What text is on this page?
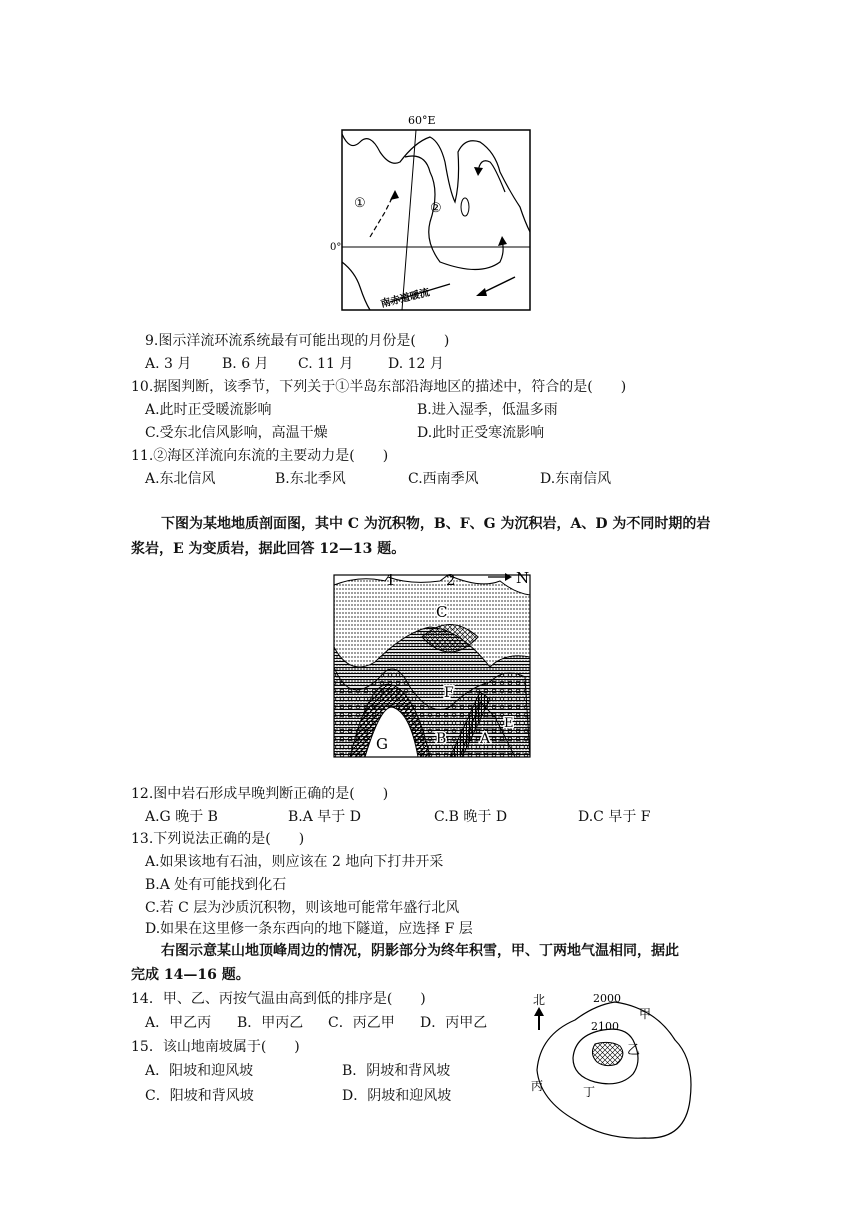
60°E
0°
①	②
南赤道暖流
9.图示洋流环流系统最有可能出现的月份是(　　)
A. 3 月 B. 6 月 C. 11 月 D. 12 月
10.据图判断，该季节，下列关于①半岛东部沿海地区的描述中，符合的是(　　)
A.此时正受暖流影响	B.进入湿季，低温多雨
C.受东北信风影响，高温干燥	D.此时正受寒流影响
11.②海区洋流向东流的主要动力是(　　)
A.东北信风	B.东北季风	C.西南季风	D.东南信风
下图为某地地质剖面图，其中 C 为沉积物，B、F、G 为沉积岩，A、D 为不同时期的岩
浆岩，E 为变质岩，据此回答 12—13 题。
1	2	N
C
F
G	B A
E
12.图中岩石形成早晚判断正确的是(　　)
A.G 晚于 B	B.A 早于 D	C.B 晚于 D	D.C 早于 F
13.下列说法正确的是(　　)
A.如果该地有石油，则应该在 2 地向下打井开采
B.A 处有可能找到化石
C.若 C 层为沙质沉积物，则该地可能常年盛行北风
D.如果在这里修一条东西向的地下隧道，应选择 F 层
右图示意某山地顶峰周边的情况，阴影部分为终年积雪，甲、丁两地气温相同，据此
完成 14—16 题。
14．甲、乙、丙按气温由高到低的排序是(　　)
A．甲乙丙 B．甲丙乙 C．丙乙甲 D．丙甲乙
15．该山地南坡属于(　　)
A．阳坡和迎风坡	B．阴坡和背风坡
C．阳坡和背风坡	D．阴坡和迎风坡
北	2000
2100
甲
乙
丙	丁
